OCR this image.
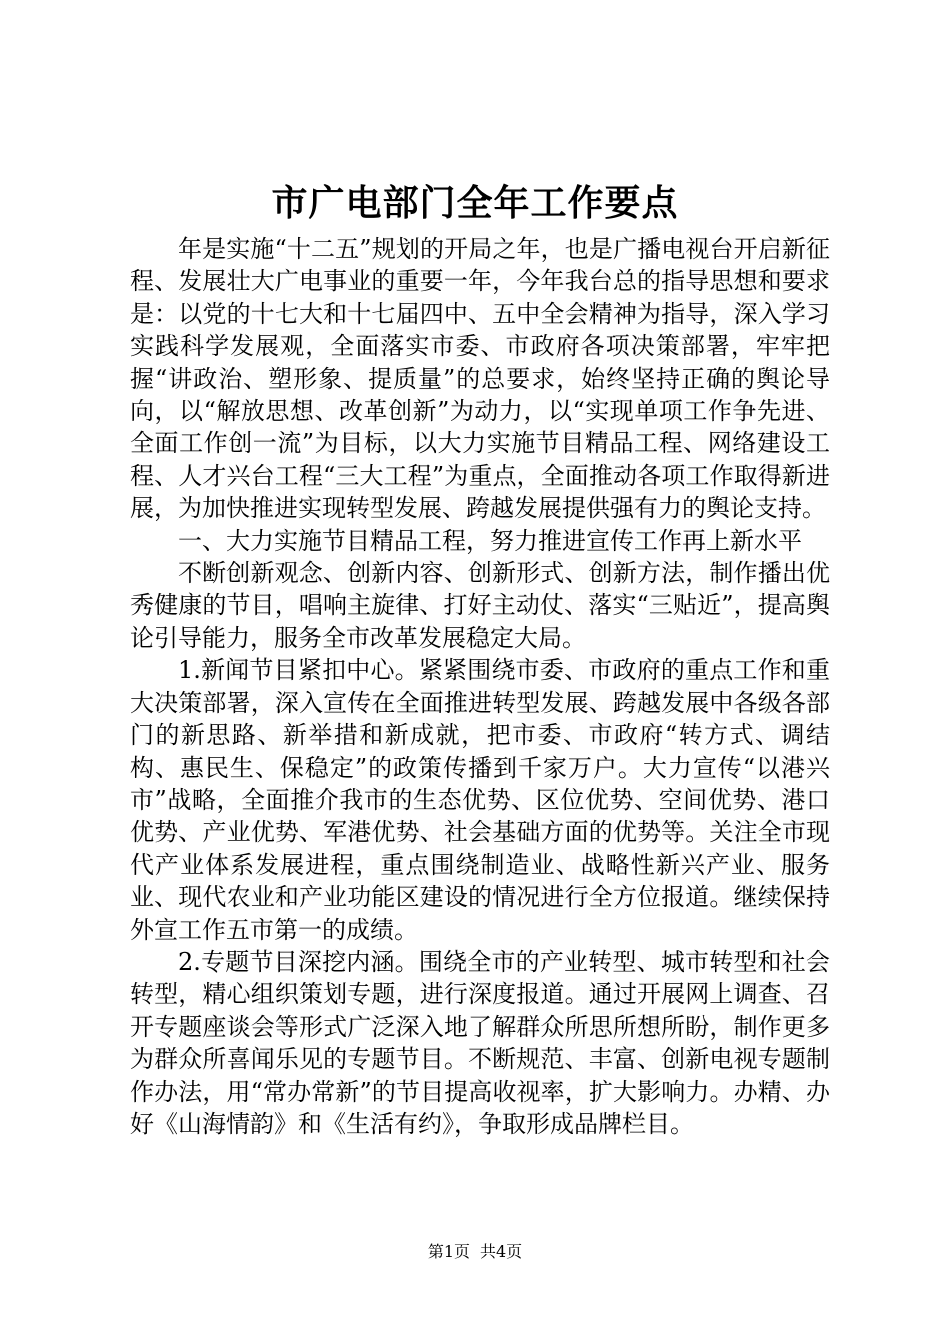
市广电部门全年工作要点

年是实施“十二五”规划的开局之年，也是广播电视台开启新征程、发展壮大广电事业的重要一年，今年我台总的指导思想和要求是：以党的十七大和十七届四中、五中全会精神为指导，深入学习实践科学发展观，全面落实市委、市政府各项决策部署，牢牢把握“讲政治、塑形象、提质量”的总要求，始终坚持正确的舆论导向，以“解放思想、改革创新”为动力，以“实现单项工作争先进、全面工作创一流”为目标，以大力实施节目精品工程、网络建设工程、人才兴台工程“三大工程”为重点，全面推动各项工作取得新进展，为加快推进实现转型发展、跨越发展提供强有力的舆论支持。

一、大力实施节目精品工程，努力推进宣传工作再上新水平

不断创新观念、创新内容、创新形式、创新方法，制作播出优秀健康的节目，唱响主旋律、打好主动仗、落实“三贴近”，提高舆论引导能力，服务全市改革发展稳定大局。

1.新闻节目紧扣中心。紧紧围绕市委、市政府的重点工作和重大决策部署，深入宣传在全面推进转型发展、跨越发展中各级各部门的新思路、新举措和新成就，把市委、市政府“转方式、调结构、惠民生、保稳定”的政策传播到千家万户。大力宣传“以港兴市”战略，全面推介我市的生态优势、区位优势、空间优势、港口优势、产业优势、军港优势、社会基础方面的优势等。关注全市现代产业体系发展进程，重点围绕制造业、战略性新兴产业、服务业、现代农业和产业功能区建设的情况进行全方位报道。继续保持外宣工作五市第一的成绩。

2.专题节目深挖内涵。围绕全市的产业转型、城市转型和社会转型，精心组织策划专题，进行深度报道。通过开展网上调查、召开专题座谈会等形式广泛深入地了解群众所思所想所盼，制作更多为群众所喜闻乐见的专题节目。不断规范、丰富、创新电视专题制作办法，用“常办常新”的节目提高收视率，扩大影响力。办精、办好《山海情韵》和《生活有约》，争取形成品牌栏目。

第1页 共4页
